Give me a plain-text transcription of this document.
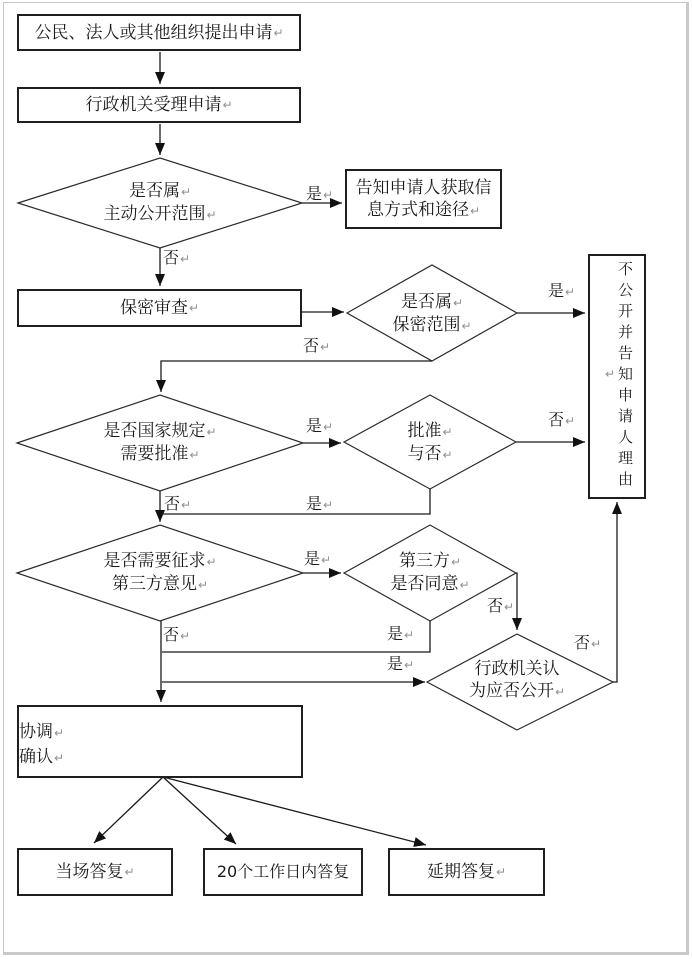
公民、法人或其他组织提出申请 ↵
行政机关受理申请 ↵
告知申请人获取信
息方式和途径↵
保密审查 ↵	不公开并告知申请人理由↵
协调↵
确认↵
当场答复 ↵	20个工作日内答复	延期答复 ↵
是否属↵
主动公开范围↵
是否属↵
保密范围↵
是否国家规定↵
需要批准↵
批准↵
与否↵
是否需要征求↵
第三方意见↵
第三方↵
是否同意↵
行政机关认
为应否公开↵
是↵
否↵
是↵
否↵
是↵	否↵
否↵	是↵
是↵
否↵
是↵
否↵
是↵
否↵
